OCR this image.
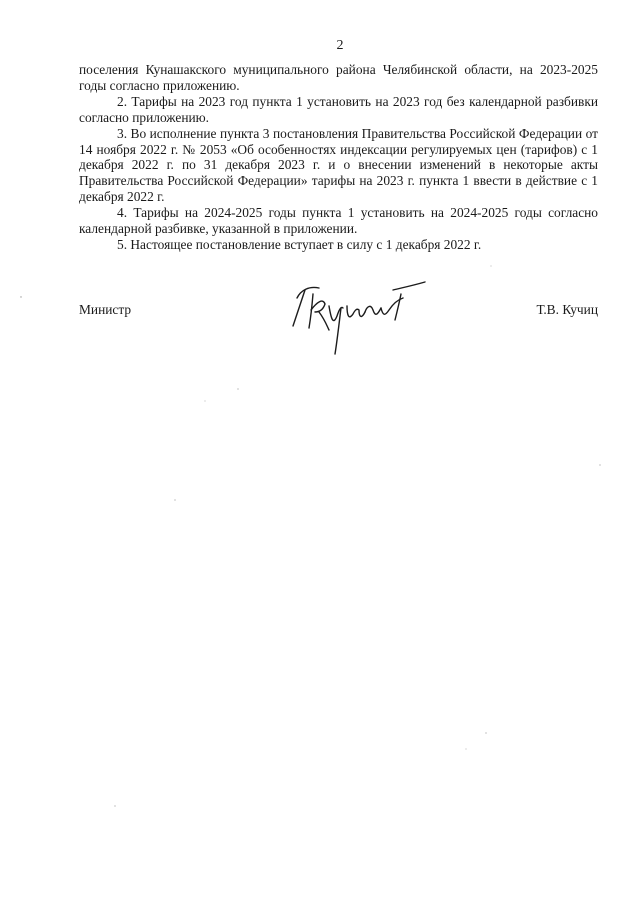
2

поселения Кунашакского муниципального района Челябинской области, на 2023-2025 годы согласно приложению.

2. Тарифы на 2023 год пункта 1 установить на 2023 год без календарной разбивки согласно приложению.

3. Во исполнение пункта 3 постановления Правительства Российской Федерации от 14 ноября 2022 г. № 2053 «Об особенностях индексации регулируемых цен (тарифов) с 1 декабря 2022 г. по 31 декабря 2023 г. и о внесении изменений в некоторые акты Правительства Российской Федерации» тарифы на 2023 г. пункта 1 ввести в действие с 1 декабря 2022 г.

4. Тарифы на 2024-2025 годы пункта 1 установить на 2024-2025 годы согласно календарной разбивке, указанной в приложении.

5. Настоящее постановление вступает в силу с 1 декабря 2022 г.

Министр	Т.В. Кучиц
